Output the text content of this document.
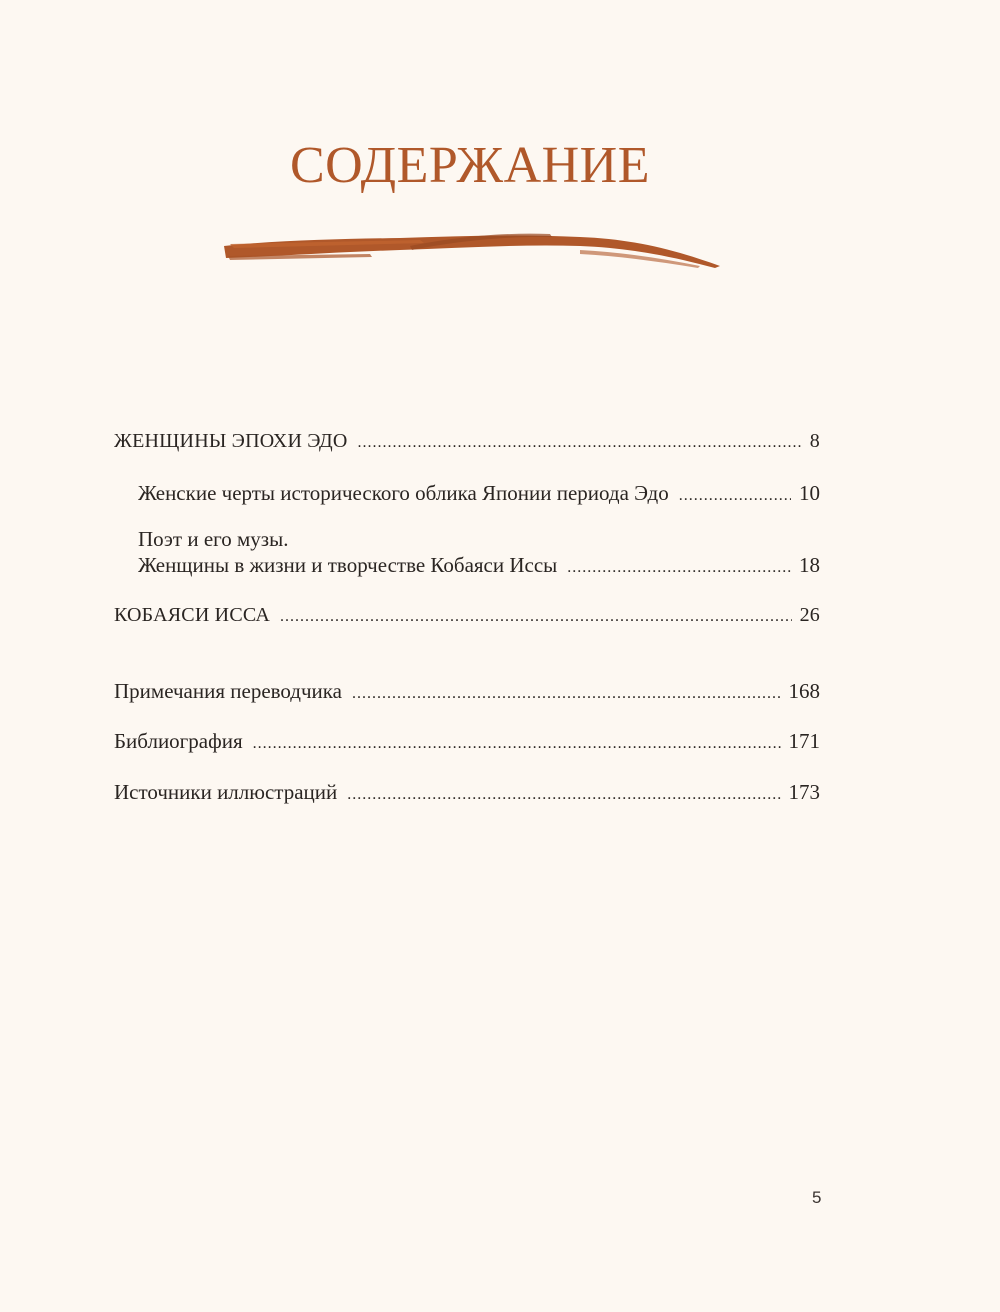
СОДЕРЖАНИЕ
ЖЕНЩИНЫ ЭПОХИ ЭДО .....	8
Женские черты исторического облика Японии периода Эдо .....	10
Поэт и его музы.
Женщины в жизни и творчестве Кобаяси Иссы .....	18
КОБАЯСИ ИССА .....	26
Примечания переводчика .....	168
Библиография .....	171
Источники иллюстраций .....	173
5
